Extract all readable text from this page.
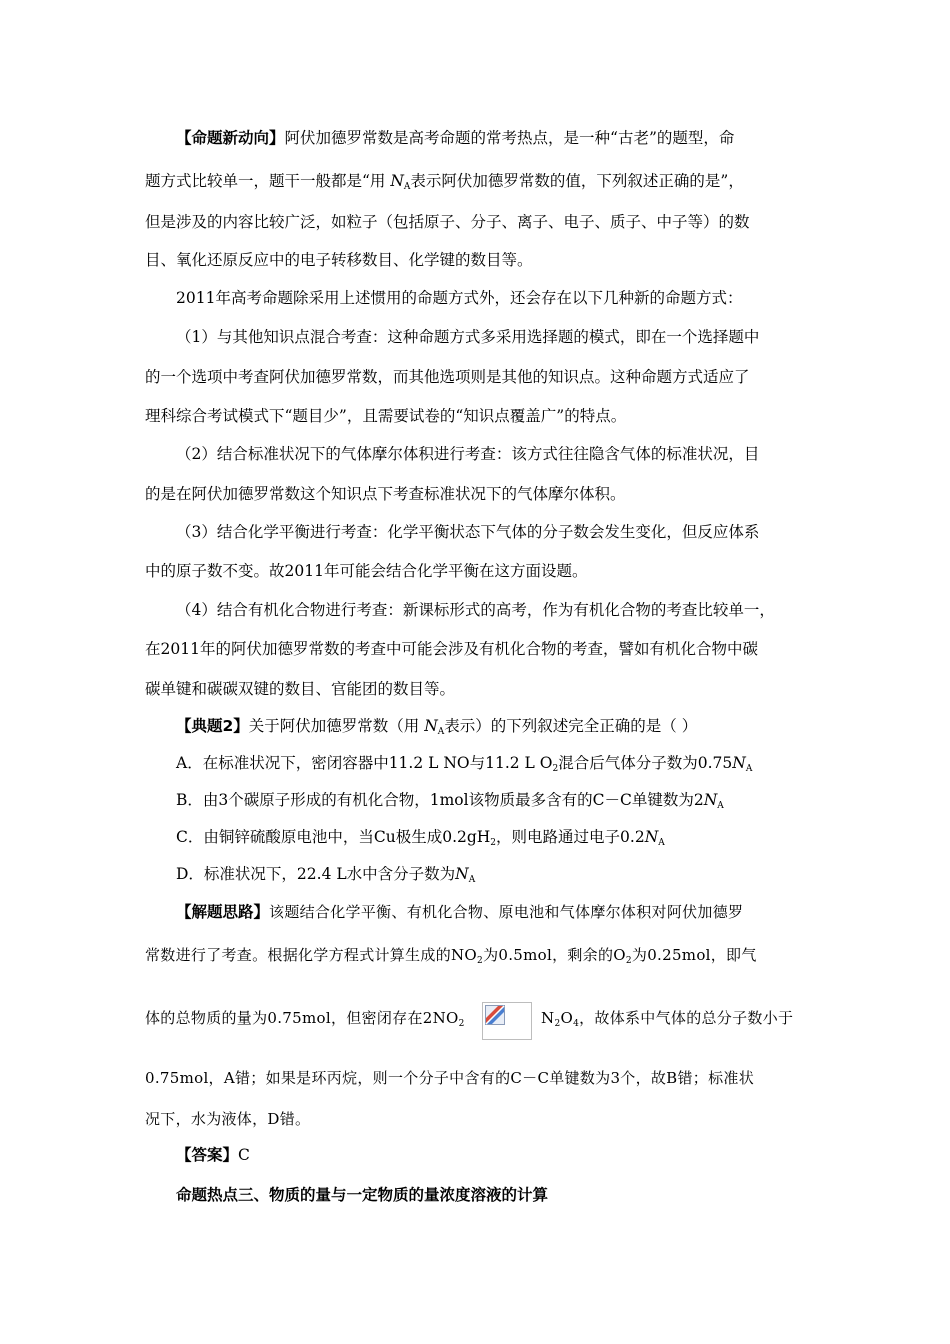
【命题新动向】阿伏加德罗常数是高考命题的常考热点，是一种“古老”的题型，命
题方式比较单一，题干一般都是“用 $N_A$表示阿伏加德罗常数的值，下列叙述正确的是”，
但是涉及的内容比较广泛，如粒子（包括原子、分子、离子、电子、质子、中子等）的数
目、氧化还原反应中的电子转移数目、化学键的数目等。
2011年高考命题除采用上述惯用的命题方式外，还会存在以下几种新的命题方式：
（1）与其他知识点混合考查：这种命题方式多采用选择题的模式，即在一个选择题中
的一个选项中考查阿伏加德罗常数，而其他选项则是其他的知识点。这种命题方式适应了
理科综合考试模式下“题目少”，且需要试卷的“知识点覆盖广”的特点。
（2）结合标准状况下的气体摩尔体积进行考查：该方式往往隐含气体的标准状况，目
的是在阿伏加德罗常数这个知识点下考查标准状况下的气体摩尔体积。
（3）结合化学平衡进行考查：化学平衡状态下气体的分子数会发生变化，但反应体系
中的原子数不变。故2011年可能会结合化学平衡在这方面设题。
（4）结合有机化合物进行考查：新课标形式的高考，作为有机化合物的考查比较单一，
在2011年的阿伏加德罗常数的考查中可能会涉及有机化合物的考查，譬如有机化合物中碳
碳单键和碳碳双键的数目、官能团的数目等。
【典题2】关于阿伏加德罗常数（用 $N_A$表示）的下列叙述完全正确的是（ ）
A．在标准状况下，密闭容器中11.2 L NO与11.2 L $O_2$混合后气体分子数为$0.75N_A$
B．由3个碳原子形成的有机化合物，1mol该物质最多含有的C－C单键数为$2N_A$
C．由铜锌硫酸原电池中，当Cu极生成$0.2gH_2$，则电路通过电子$0.2N_A$
D．标准状况下，22.4 L水中含分子数为$N_A$
【解题思路】该题结合化学平衡、有机化合物、原电池和气体摩尔体积对阿伏加德罗
常数进行了考查。根据化学方程式计算生成的$NO_2$为0.5mol，剩余的$O_2$为0.25mol，即气
体的总物质的量为0.75mol，但密闭存在$2NO_2$	$N_2O_4$，故体系中气体的总分子数小于
0.75mol，A错；如果是环丙烷，则一个分子中含有的C－C单键数为3个，故B错；标准状
况下，水为液体，D错。
【答案】C
命题热点三、物质的量与一定物质的量浓度溶液的计算
